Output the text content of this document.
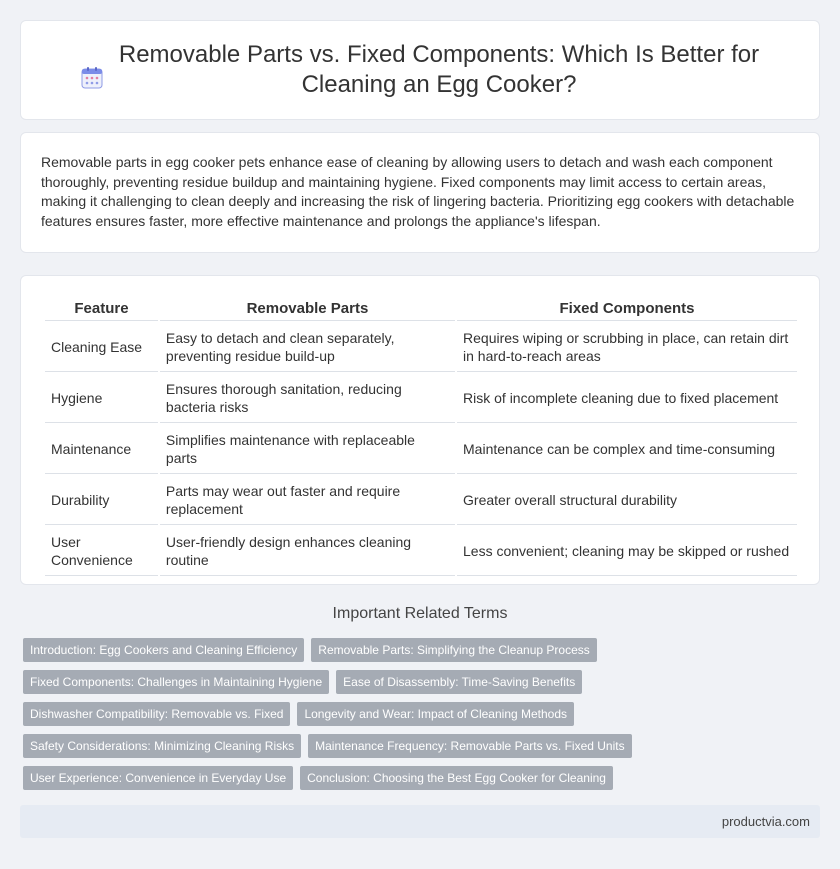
Removable Parts vs. Fixed Components: Which Is Better for Cleaning an Egg Cooker?

Removable parts in egg cooker pets enhance ease of cleaning by allowing users to detach and wash each component thoroughly, preventing residue buildup and maintaining hygiene. Fixed components may limit access to certain areas, making it challenging to clean deeply and increasing the risk of lingering bacteria. Prioritizing egg cookers with detachable features ensures faster, more effective maintenance and prolongs the appliance's lifespan.

Feature	Removable Parts	Fixed Components
Cleaning Ease	Easy to detach and clean separately, preventing residue build-up	Requires wiping or scrubbing in place, can retain dirt in hard-to-reach areas
Hygiene	Ensures thorough sanitation, reducing bacteria risks	Risk of incomplete cleaning due to fixed placement
Maintenance	Simplifies maintenance with replaceable parts	Maintenance can be complex and time-consuming
Durability	Parts may wear out faster and require replacement	Greater overall structural durability
User Convenience	User-friendly design enhances cleaning routine	Less convenient; cleaning may be skipped or rushed
Important Related Terms
Introduction: Egg Cookers and Cleaning Efficiency	Removable Parts: Simplifying the Cleanup Process
Fixed Components: Challenges in Maintaining Hygiene	Ease of Disassembly: Time-Saving Benefits
Dishwasher Compatibility: Removable vs. Fixed	Longevity and Wear: Impact of Cleaning Methods
Safety Considerations: Minimizing Cleaning Risks	Maintenance Frequency: Removable Parts vs. Fixed Units
User Experience: Convenience in Everyday Use	Conclusion: Choosing the Best Egg Cooker for Cleaning
productvia.com
